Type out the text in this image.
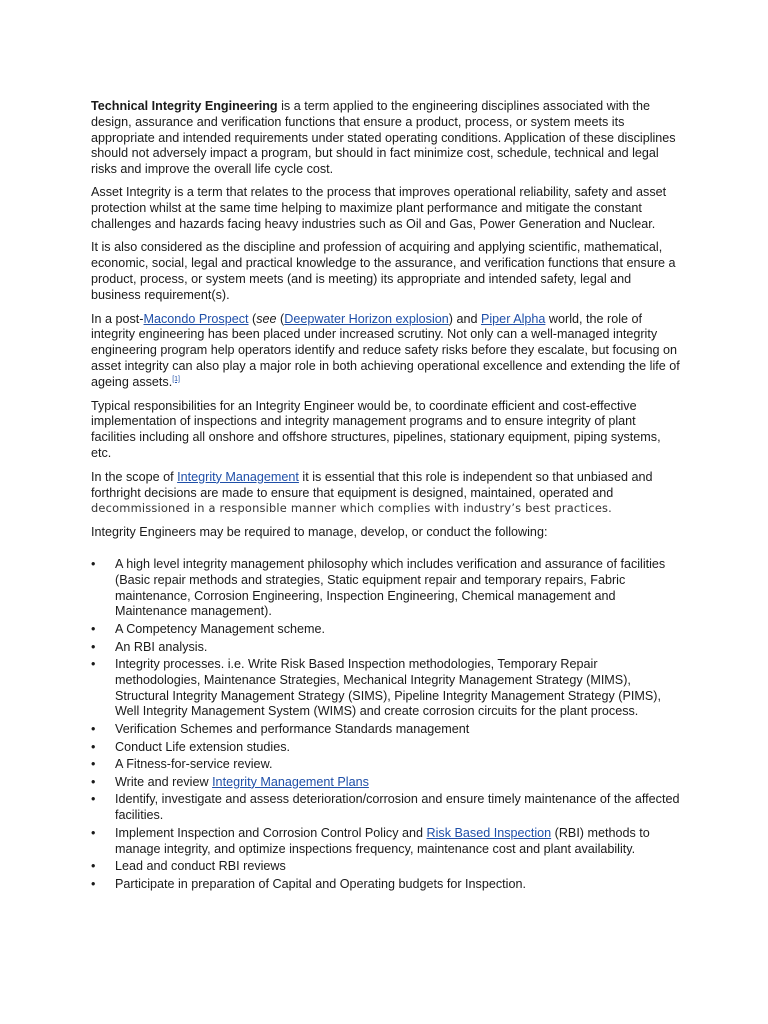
Technical Integrity Engineering is a term applied to the engineering disciplines associated with the design, assurance and verification functions that ensure a product, process, or system meets its appropriate and intended requirements under stated operating conditions. Application of these disciplines should not adversely impact a program, but should in fact minimize cost, schedule, technical and legal risks and improve the overall life cycle cost.

Asset Integrity is a term that relates to the process that improves operational reliability, safety and asset protection whilst at the same time helping to maximize plant performance and mitigate the constant challenges and hazards facing heavy industries such as Oil and Gas, Power Generation and Nuclear.

It is also considered as the discipline and profession of acquiring and applying scientific, mathematical, economic, social, legal and practical knowledge to the assurance, and verification functions that ensure a product, process, or system meets (and is meeting) its appropriate and intended safety, legal and business requirement(s).

In a post-Macondo Prospect (see (Deepwater Horizon explosion) and Piper Alpha world, the role of integrity engineering has been placed under increased scrutiny. Not only can a well-managed integrity engineering program help operators identify and reduce safety risks before they escalate, but focusing on asset integrity can also play a major role in both achieving operational excellence and extending the life of ageing assets.[1]

Typical responsibilities for an Integrity Engineer would be, to coordinate efficient and cost-effective implementation of inspections and integrity management programs and to ensure integrity of plant facilities including all onshore and offshore structures, pipelines, stationary equipment, piping systems, etc.

In the scope of Integrity Management it is essential that this role is independent so that unbiased and forthright decisions are made to ensure that equipment is designed, maintained, operated and decommissioned in a responsible manner which complies with industry’s best practices.

Integrity Engineers may be required to manage, develop, or conduct the following:

• A high level integrity management philosophy which includes verification and assurance of facilities (Basic repair methods and strategies, Static equipment repair and temporary repairs, Fabric maintenance, Corrosion Engineering, Inspection Engineering, Chemical management and Maintenance management).
• A Competency Management scheme.
• An RBI analysis.
• Integrity processes. i.e. Write Risk Based Inspection methodologies, Temporary Repair methodologies, Maintenance Strategies, Mechanical Integrity Management Strategy (MIMS), Structural Integrity Management Strategy (SIMS), Pipeline Integrity Management Strategy (PIMS), Well Integrity Management System (WIMS) and create corrosion circuits for the plant process.
• Verification Schemes and performance Standards management
• Conduct Life extension studies.
• A Fitness-for-service review.
• Write and review Integrity Management Plans
• Identify, investigate and assess deterioration/corrosion and ensure timely maintenance of the affected facilities.
• Implement Inspection and Corrosion Control Policy and Risk Based Inspection (RBI) methods to manage integrity, and optimize inspections frequency, maintenance cost and plant availability.
• Lead and conduct RBI reviews
• Participate in preparation of Capital and Operating budgets for Inspection.
